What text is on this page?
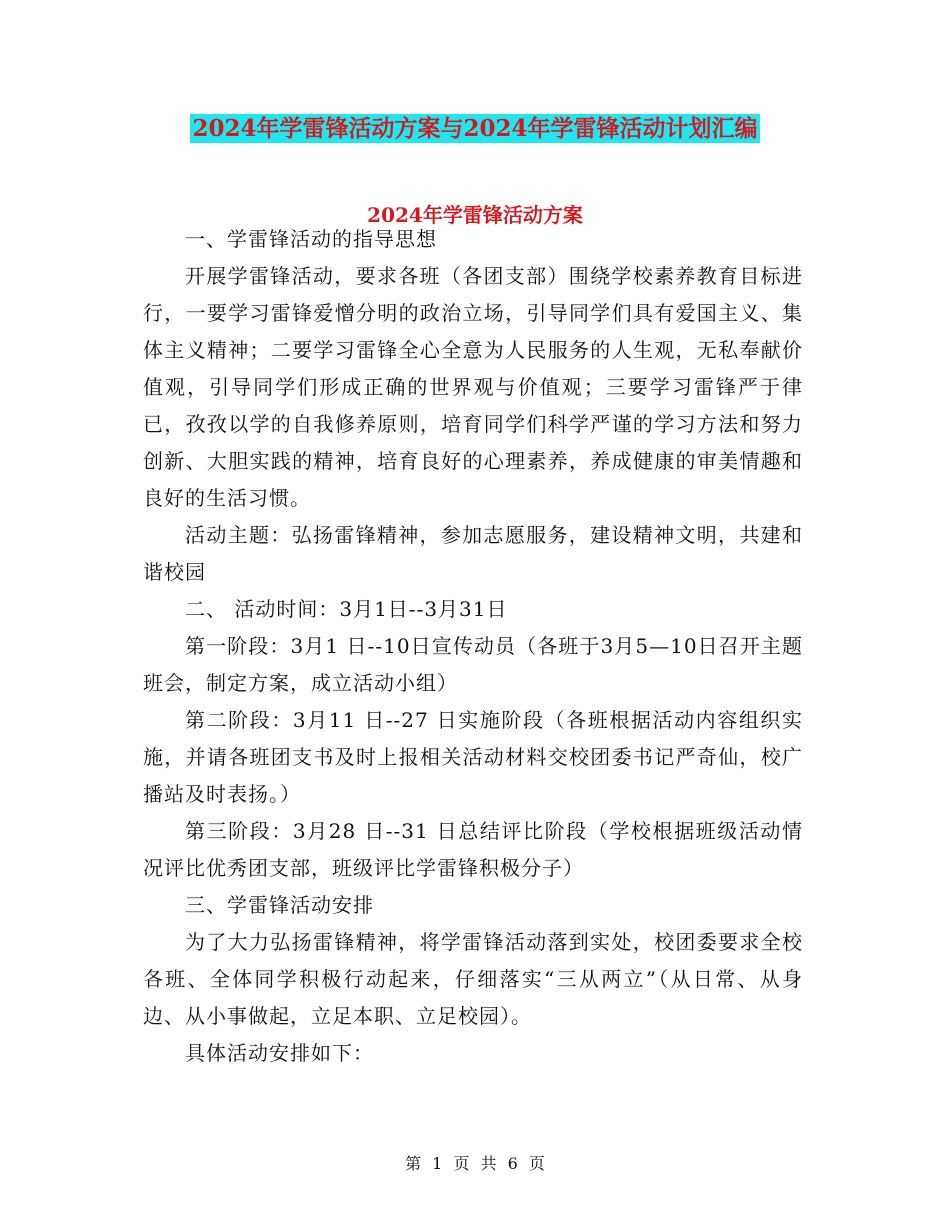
2024年学雷锋活动方案与2024年学雷锋活动计划汇编
2024年学雷锋活动方案

一、学雷锋活动的指导思想

开展学雷锋活动，要求各班（各团支部）围绕学校素养教育目标进行，一要学习雷锋爱憎分明的政治立场，引导同学们具有爱国主义、集体主义精神；二要学习雷锋全心全意为人民服务的人生观，无私奉献价值观，引导同学们形成正确的世界观与价值观；三要学习雷锋严于律已，孜孜以学的自我修养原则，培育同学们科学严谨的学习方法和努力创新、大胆实践的精神，培育良好的心理素养，养成健康的审美情趣和良好的生活习惯。

活动主题：弘扬雷锋精神，参加志愿服务，建设精神文明，共建和谐校园

二、 活动时间：3月1日--3月31日

第一阶段：3月1 日--10日宣传动员（各班于3月5—10日召开主题班会，制定方案，成立活动小组）

第二阶段：3月11 日--27 日实施阶段（各班根据活动内容组织实施，并请各班团支书及时上报相关活动材料交校团委书记严奇仙，校广播站及时表扬。）

第三阶段：3月28 日--31 日总结评比阶段（学校根据班级活动情况评比优秀团支部，班级评比学雷锋积极分子）

三、学雷锋活动安排

为了大力弘扬雷锋精神，将学雷锋活动落到实处，校团委要求全校各班、全体同学积极行动起来，仔细落实“三从两立”（从日常、从身边、从小事做起，立足本职、立足校园）。

具体活动安排如下：

第 1 页 共 6 页
